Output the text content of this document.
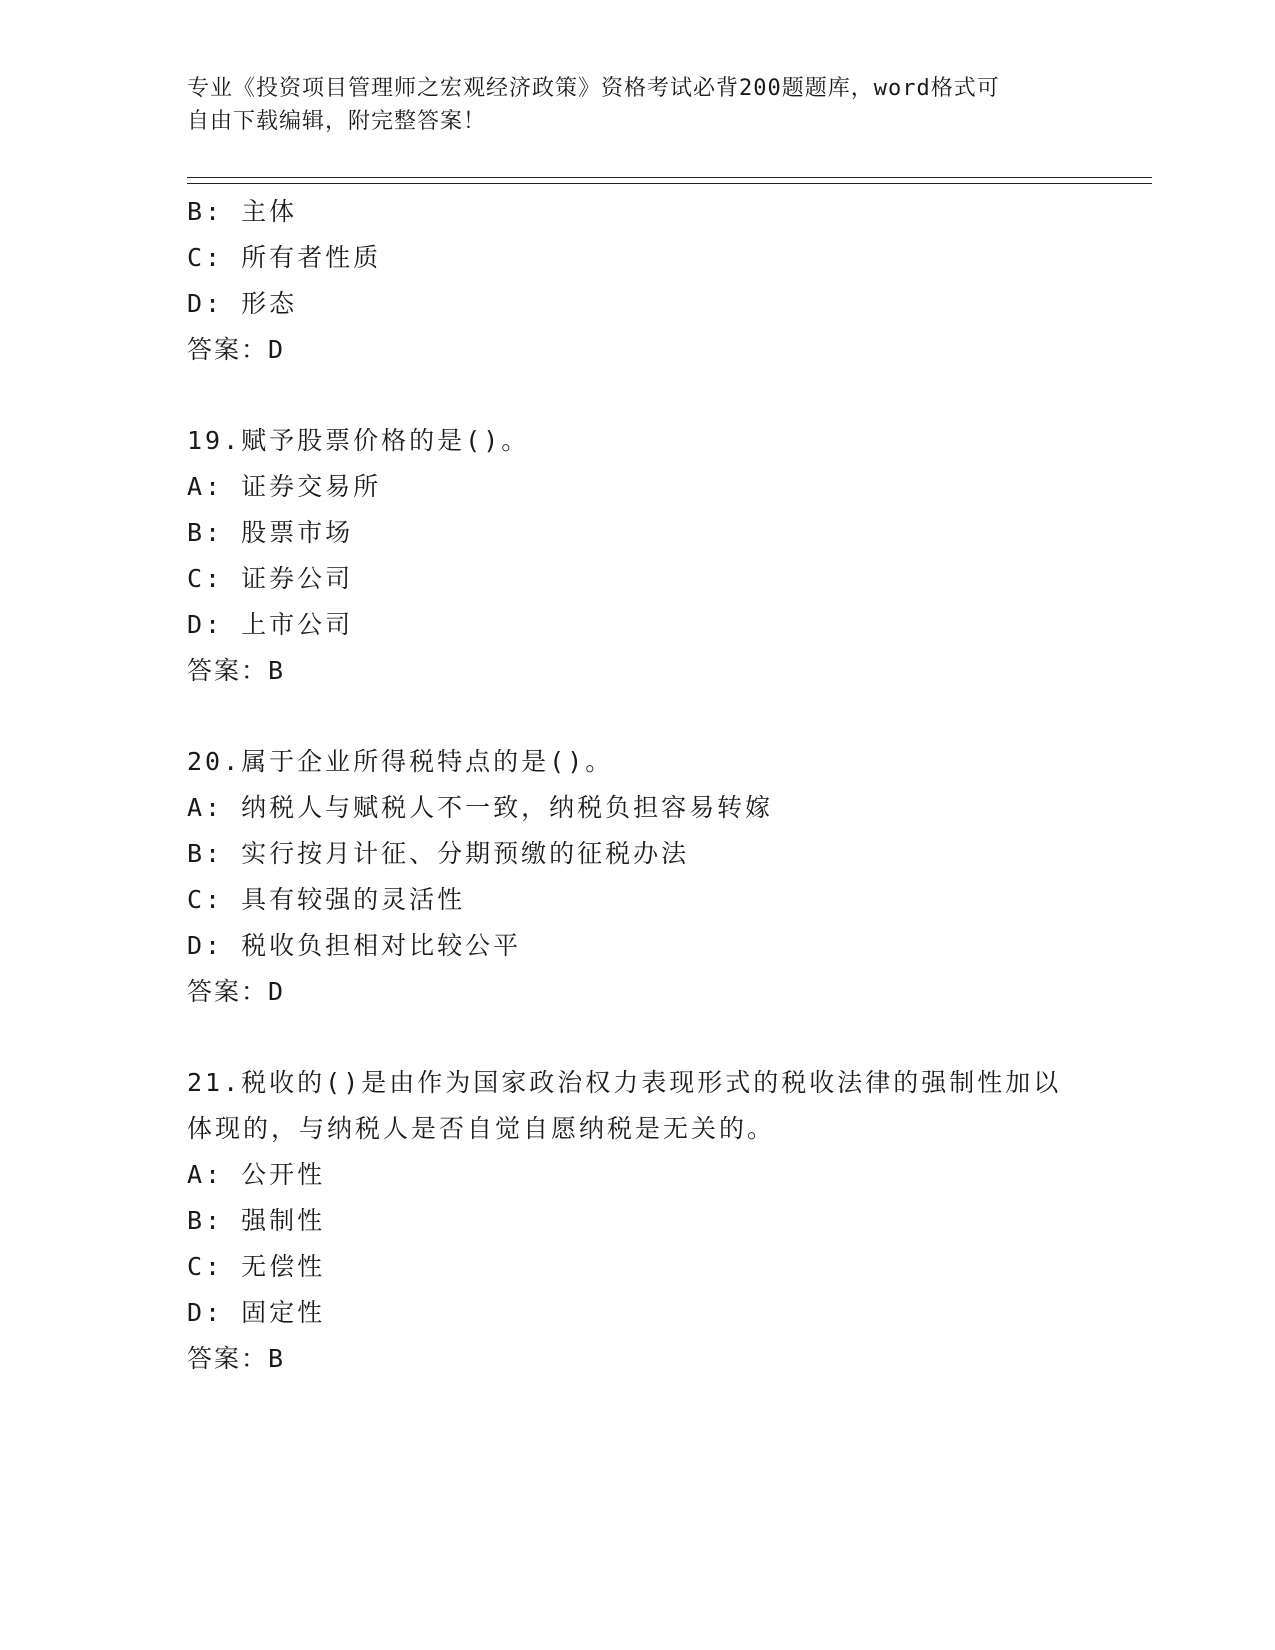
专业《投资项目管理师之宏观经济政策》资格考试必背200题题库，word格式可
自由下载编辑，附完整答案！
B: 主体
C: 所有者性质
D: 形态
答案：D
19.赋予股票价格的是()。
A: 证券交易所
B: 股票市场
C: 证券公司
D: 上市公司
答案：B
20.属于企业所得税特点的是()。
A: 纳税人与赋税人不一致，纳税负担容易转嫁
B: 实行按月计征、分期预缴的征税办法
C: 具有较强的灵活性
D: 税收负担相对比较公平
答案：D
21.税收的()是由作为国家政治权力表现形式的税收法律的强制性加以
体现的，与纳税人是否自觉自愿纳税是无关的。
A: 公开性
B: 强制性
C: 无偿性
D: 固定性
答案：B
